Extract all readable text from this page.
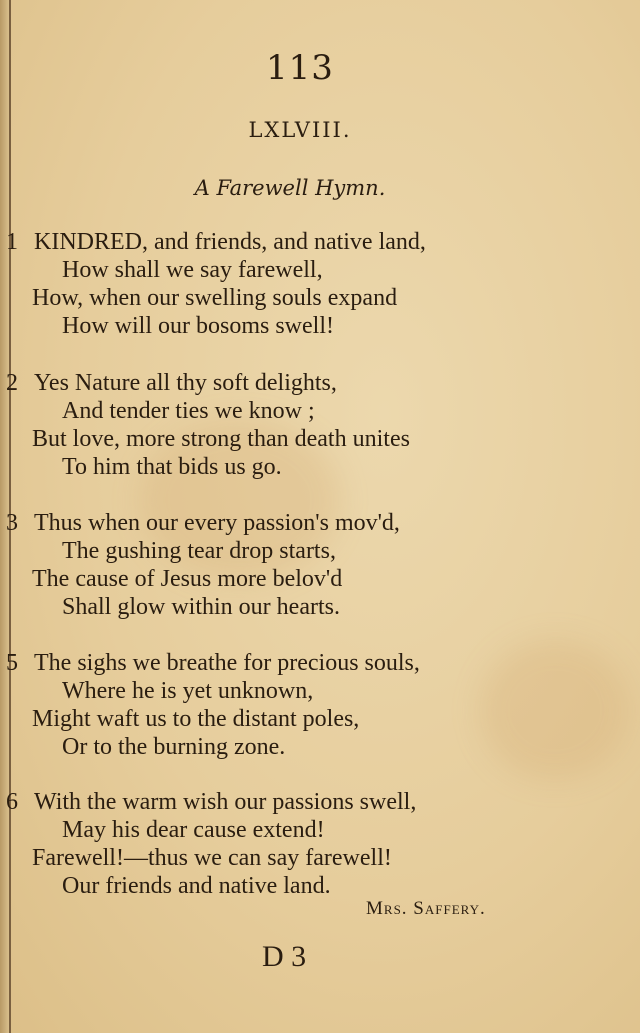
113
LXLVIII.
A Farewell Hymn.
1 KINDRED, and friends, and native land,
How shall we say farewell,
How, when our swelling souls expand
How will our bosoms swell!
2 Yes Nature all thy soft delights,
And tender ties we know ;
But love, more strong than death unites
To him that bids us go.
3 Thus when our every passion's mov'd,
The gushing tear drop starts,
The cause of Jesus more belov'd
Shall glow within our hearts.
5 The sighs we breathe for precious souls,
Where he is yet unknown,
Might waft us to the distant poles,
Or to the burning zone.
6 With the warm wish our passions swell,
May his dear cause extend!
Farewell!—thus we can say farewell!
Our friends and native land.
Mrs. Saffery.
D 3
